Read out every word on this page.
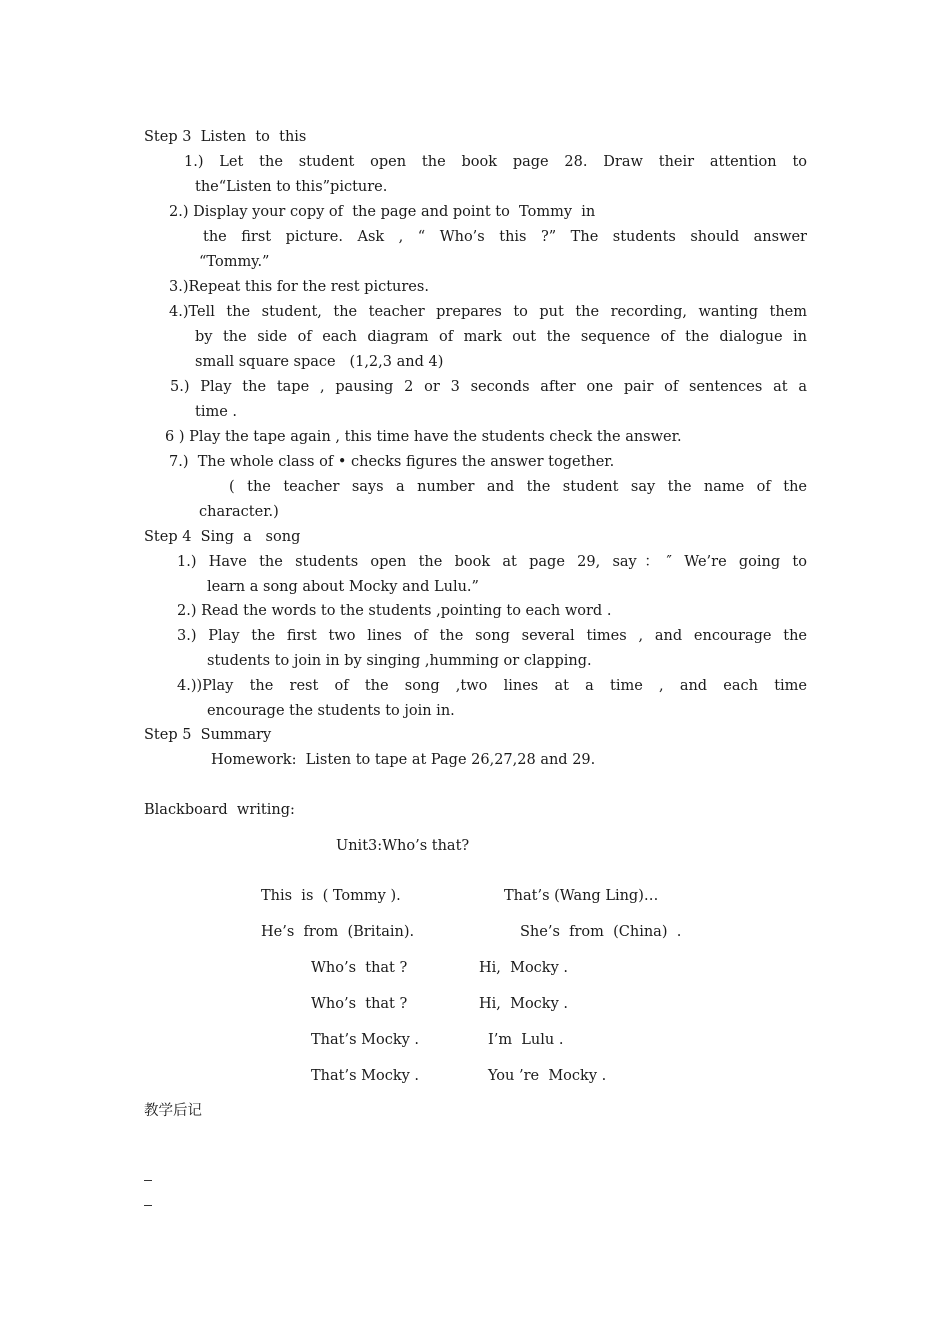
Step 3  Listen  to  this
1.) Let the student open the book page 28. Draw their attention to
the“Listen to this”picture.
2.) Display your copy of  the page and point to  Tommy  in
the first picture. Ask , “ Who’s this ?” The students should answer
“Tommy.”
3.)Repeat this for the rest pictures.
4.)Tell the student, the teacher prepares to put the recording, wanting them
by the side of each diagram of mark out the sequence of the dialogue in
small square space   (1,2,3 and 4)
5.) Play the tape , pausing 2 or 3 seconds after one pair of sentences at a
time .
6 ) Play the tape again , this time have the students check the answer.
7.)  The whole class of • checks figures the answer together.
( the teacher says a number and the student say the name of the
character.)
Step 4  Sing  a   song
1.) Have the students open the book at page 29, say：″ We’re going to
learn a song about Mocky and Lulu.”
2.) Read the words to the students ,pointing to each word .
3.) Play the first two lines of the song several times , and encourage the
students to join in by singing ,humming or clapping.
4.))Play the rest of the song ,two lines at a time , and each time
encourage the students to join in.
Step 5  Summary
Homework:  Listen to tape at Page 26,27,28 and 29.
Blackboard  writing:
Unit3:Who’s that?
This  is  ( Tommy ).	That’s (Wang Ling)…
He’s  from  (Britain).	She’s  from  (China)  .
Who’s  that ?	Hi,  Mocky .
Who’s  that ?	Hi,  Mocky .
That’s Mocky .	I’m  Lulu .
That’s Mocky .	You ’re  Mocky .
教学后记
